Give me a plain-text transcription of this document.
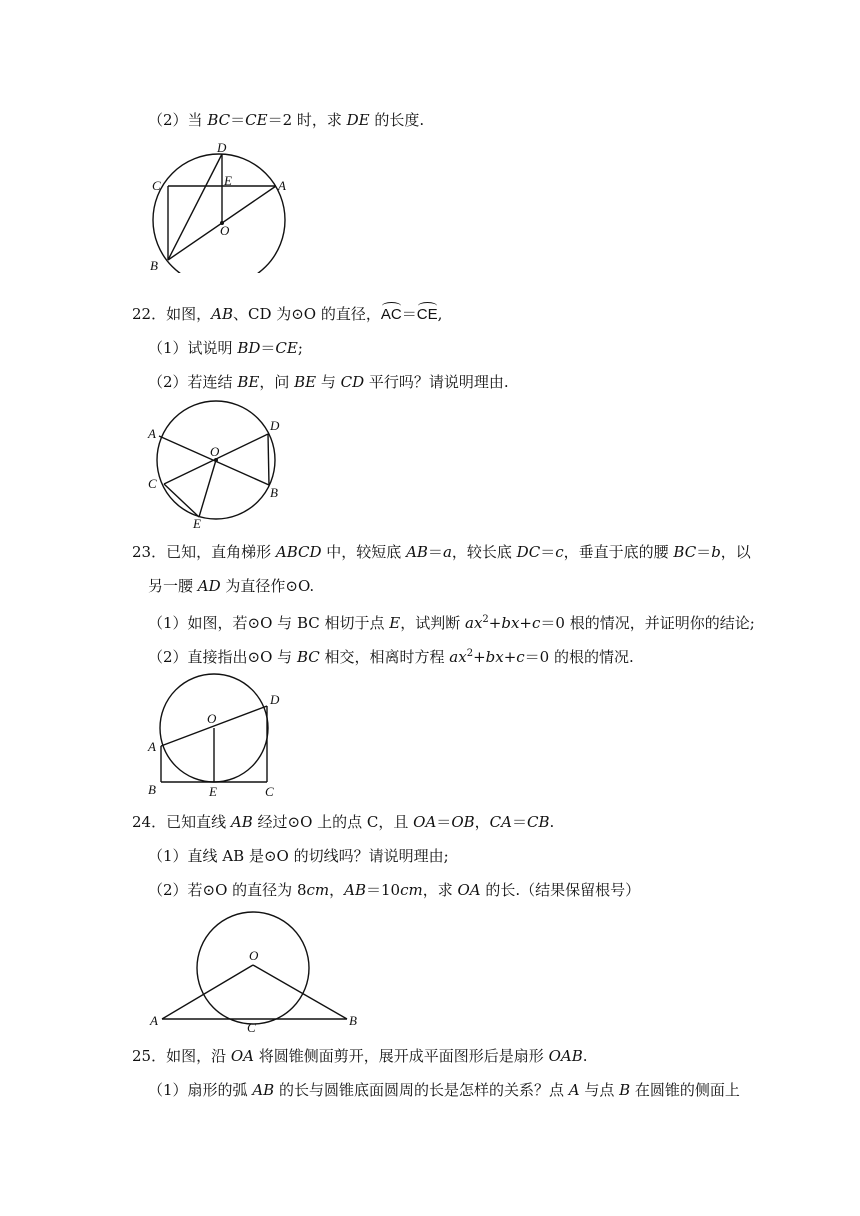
（2）当 BC＝CE＝2 时，求 DE 的长度.
D
C	E	A
O
B
22．如图，AB、CD 为⊙O 的直径，AC＝CE,
（1）试说明 BD＝CE;
（2）若连结 BE，问 BE 与 CD 平行吗？请说明理由.
A
D
O
C
B
E
23．已知，直角梯形 ABCD 中，较短底 AB＝a，较长底 DC＝c，垂直于底的腰 BC＝b，以
另一腰 AD 为直径作⊙O.
（1）如图，若⊙O 与 BC 相切于点 E，试判断 $ax^2+bx+c=0$ 根的情况，并证明你的结论;
（2）直接指出⊙O 与 BC 相交，相离时方程 $ax^2+bx+c=0$ 的根的情况.
D
O
A
B	E	C
24．已知直线 AB 经过⊙O 上的点 C，且 OA＝OB，CA＝CB.
（1）直线 AB 是⊙O 的切线吗？请说明理由;
（2）若⊙O 的直径为 8cm，AB＝10cm，求 OA 的长.（结果保留根号）
O
A	C	B
25．如图，沿 OA 将圆锥侧面剪开，展开成平面图形后是扇形 OAB.
（1）扇形的弧 AB 的长与圆锥底面圆周的长是怎样的关系？点 A 与点 B 在圆锥的侧面上
